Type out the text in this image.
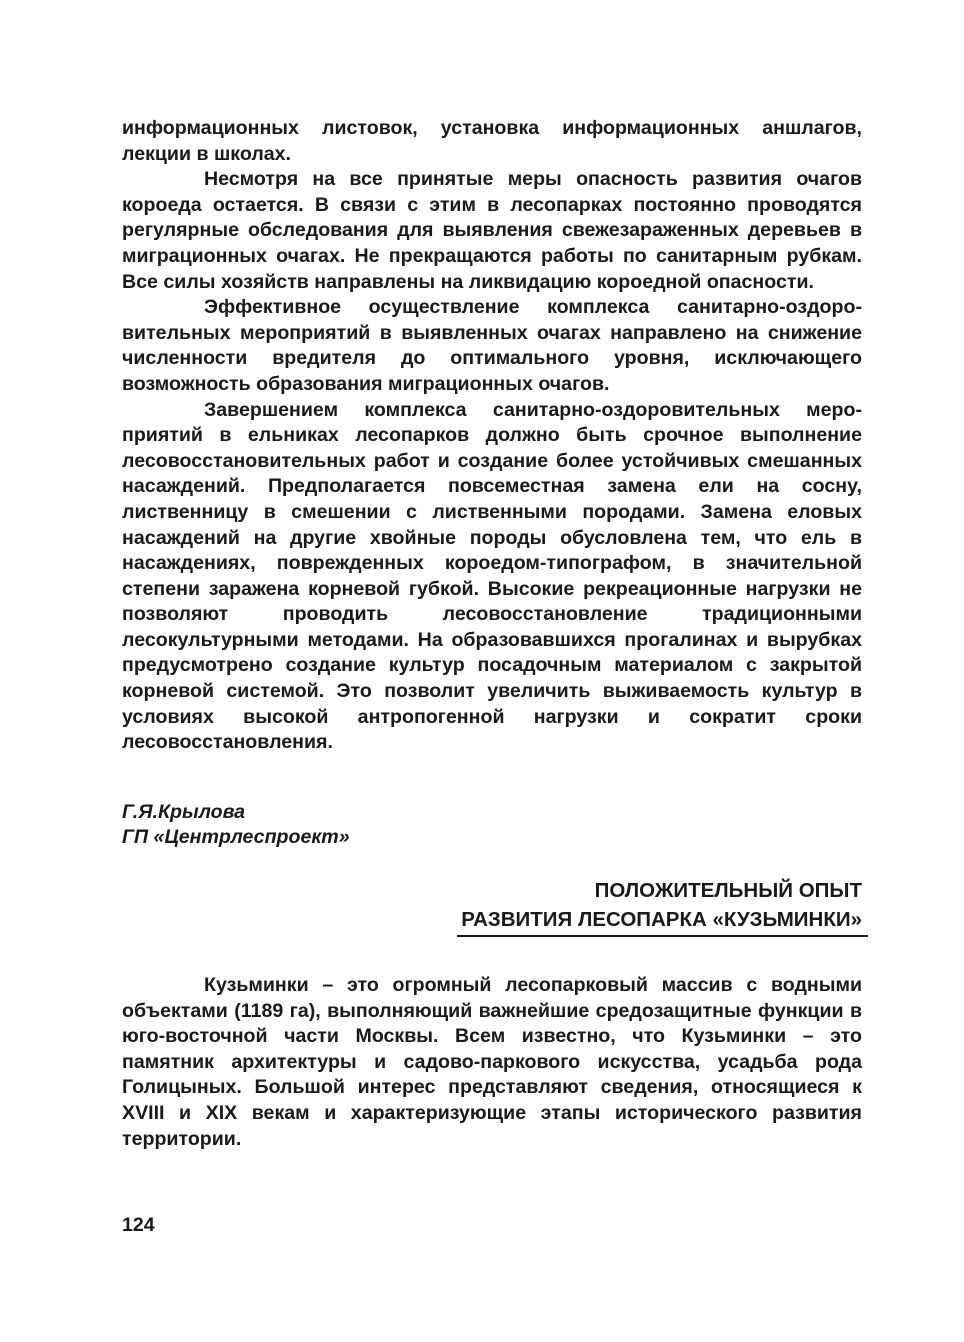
информационных листовок, установка информационных аншлагов, лекции в школах.

Несмотря на все принятые меры опасность развития очагов короеда остается. В связи с этим в лесопарках постоянно проводятся регулярные обследования для выявления свежезараженных деревьев в миграционных очагах. Не прекращаются работы по санитарным рубкам. Все силы хозяйств направлены на ликвидацию короедной опасности.

Эффективное осуществление комплекса санитарно-оздоровительных мероприятий в выявленных очагах направлено на снижение численности вредителя до оптимального уровня, исключающего возможность образования миграционных очагов.

Завершением комплекса санитарно-оздоровительных мероприятий в ельниках лесопарков должно быть срочное выполнение лесовосстановительных работ и создание более устойчивых смешанных насаждений. Предполагается повсеместная замена ели на сосну, лиственницу в смешении с лиственными породами. Замена еловых насаждений на другие хвойные породы обусловлена тем, что ель в насаждениях, поврежденных короедом-типографом, в значительной степени заражена корневой губкой. Высокие рекреационные нагрузки не позволяют проводить лесовосстановление традиционными лесокультурными методами. На образовавшихся прогалинах и вырубках предусмотрено создание культур посадочным материалом с закрытой корневой системой. Это позволит увеличить выживаемость культур в условиях высокой антропогенной нагрузки и сократит сроки лесовосстановления.

Г.Я.Крылова
ГП «Центрлеспроект»
ПОЛОЖИТЕЛЬНЫЙ ОПЫТ
РАЗВИТИЯ ЛЕСОПАРКА «КУЗЬМИНКИ»

Кузьминки – это огромный лесопарковый массив с водными объектами (1189 га), выполняющий важнейшие средозащитные функции в юго-восточной части Москвы. Всем известно, что Кузьминки – это памятник архитектуры и садово-паркового искусства, усадьба рода Голицыных. Большой интерес представляют сведения, относящиеся к XVIII и XIX векам и характеризующие этапы исторического развития территории.

124
